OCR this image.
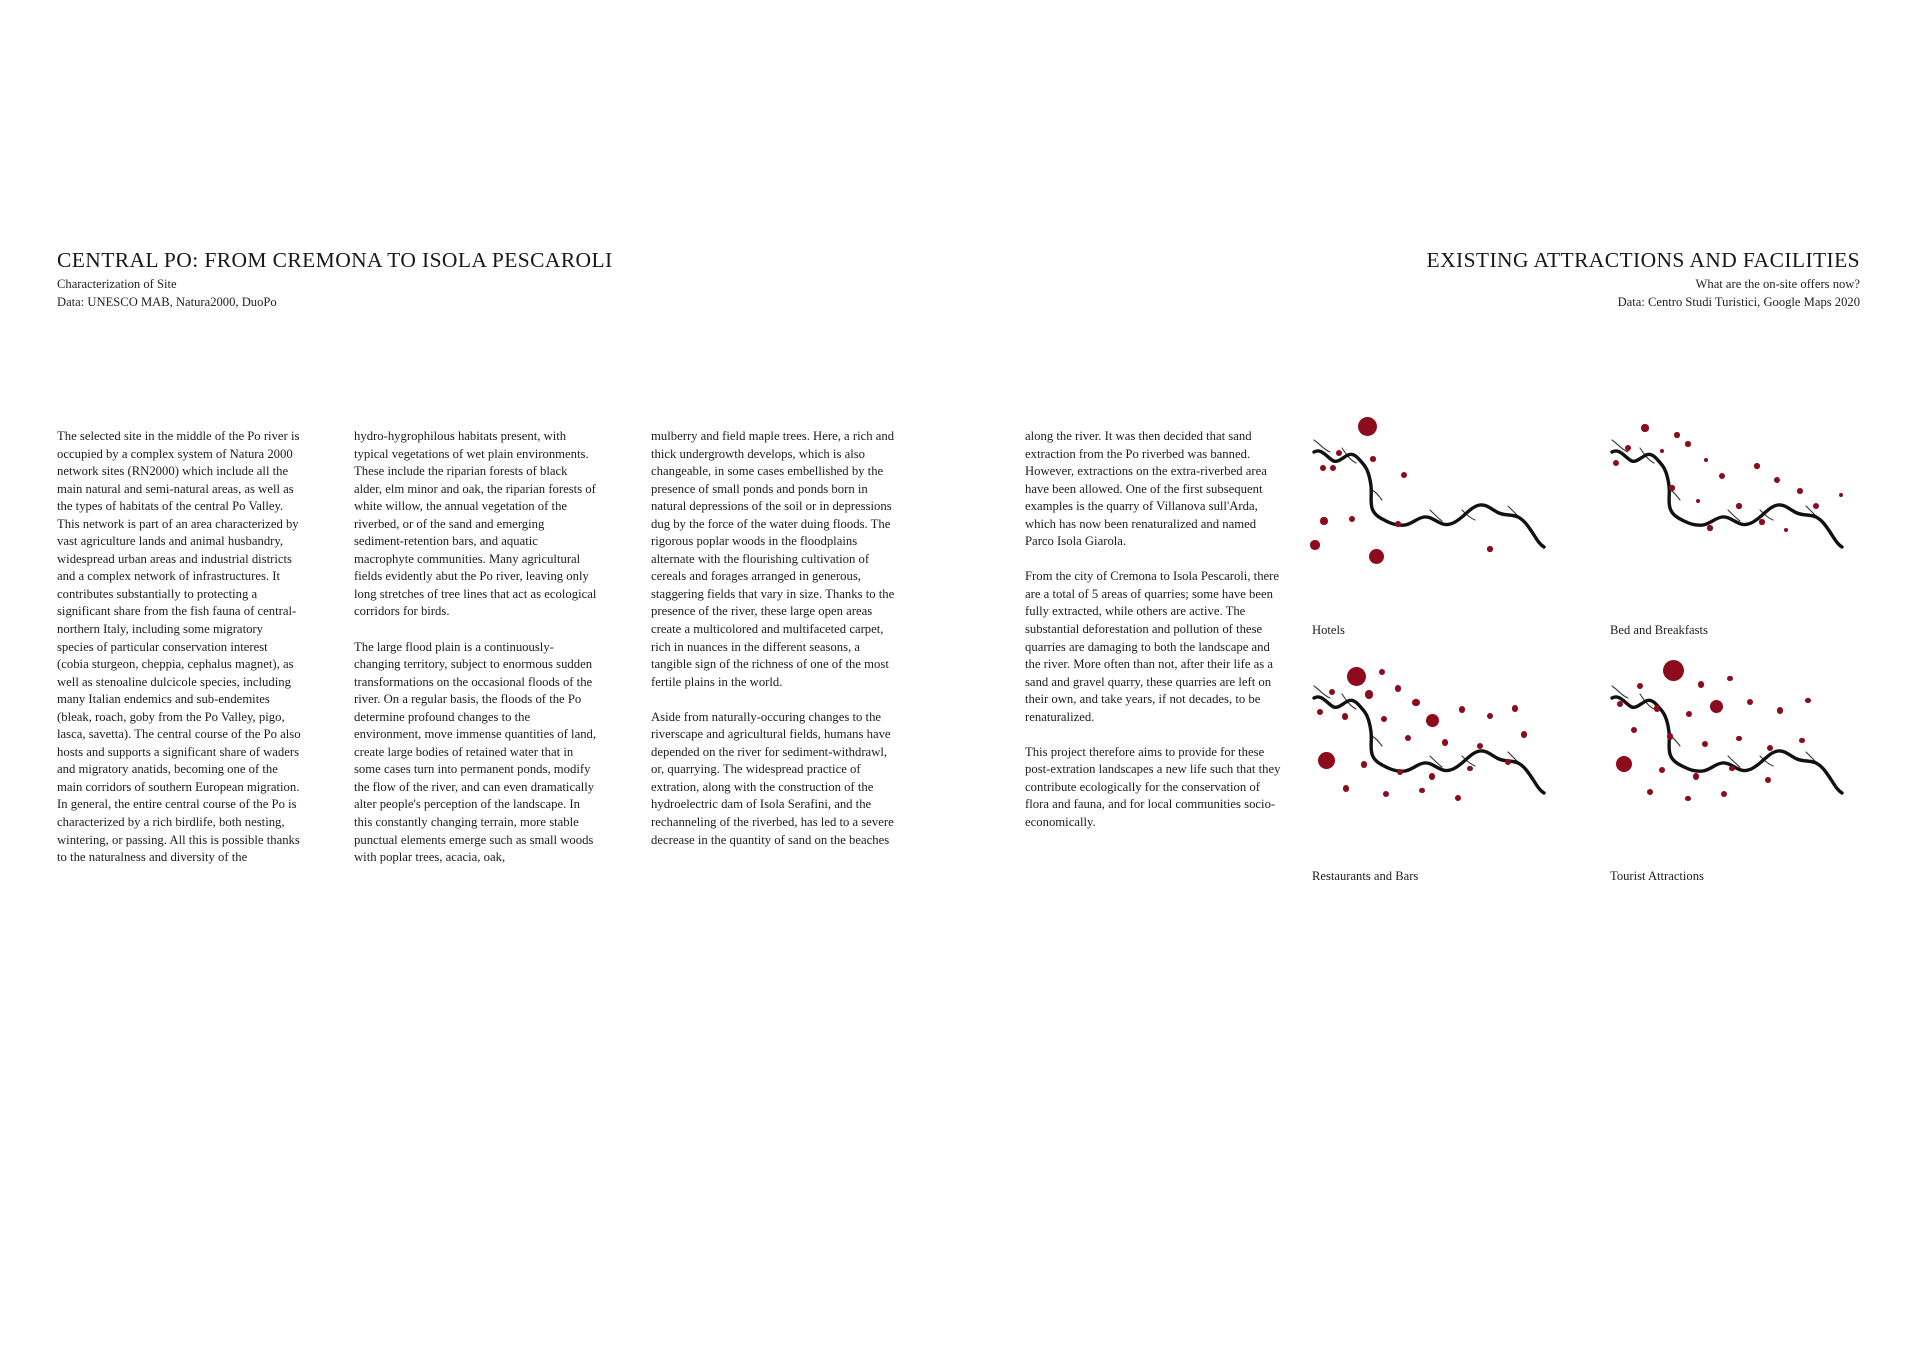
CENTRAL PO: FROM CREMONA TO ISOLA PESCAROLI
Characterization of Site
Data: UNESCO MAB, Natura2000, DuoPo
EXISTING ATTRACTIONS AND FACILITIES
What are the on-site offers now?
Data: Centro Studi Turistici, Google Maps 2020

The selected site in the middle of the Po river is occupied by a complex system of Natura 2000 network sites (RN2000) which include all the main natural and semi-natural areas, as well as the types of habitats of the central Po Valley. This network is part of an area characterized by vast agriculture lands and animal husbandry, widespread urban areas and industrial districts and a complex network of infrastructures. It contributes substantially to protecting a significant share from the fish fauna of central-northern Italy, including some migratory species of particular conservation interest (cobia sturgeon, cheppia, cephalus magnet), as well as stenoaline dulcicole species, including many Italian endemics and sub-endemites (bleak, roach, goby from the Po Valley, pigo, lasca, savetta). The central course of the Po also hosts and supports a significant share of waders and migratory anatids, becoming one of the main corridors of southern European migration. In general, the entire central course of the Po is characterized by a rich birdlife, both nesting, wintering, or passing. All this is possible thanks to the naturalness and diversity of the

hydro-hygrophilous habitats present, with typical vegetations of wet plain environments. These include the riparian forests of black alder, elm minor and oak, the riparian forests of white willow, the annual vegetation of the riverbed, or of the sand and emerging sediment-retention bars, and aquatic macrophyte communities. Many agricultural fields evidently abut the Po river, leaving only long stretches of tree lines that act as ecological corridors for birds.

The large flood plain is a continuously-changing territory, subject to enormous sudden transformations on the occasional floods of the river. On a regular basis, the floods of the Po determine profound changes to the environment, move immense quantities of land, create large bodies of retained water that in some cases turn into permanent ponds, modify the flow of the river, and can even dramatically alter people's perception of the landscape. In this constantly changing terrain, more stable punctual elements emerge such as small woods with poplar trees, acacia, oak,

mulberry and field maple trees. Here, a rich and thick undergrowth develops, which is also changeable, in some cases embellished by the presence of small ponds and ponds born in natural depressions of the soil or in depressions dug by the force of the water duing floods. The rigorous poplar woods in the floodplains alternate with the flourishing cultivation of cereals and forages arranged in generous, staggering fields that vary in size. Thanks to the presence of the river, these large open areas create a multicolored and multifaceted carpet, rich in nuances in the different seasons, a tangible sign of the richness of one of the most fertile plains in the world.

Aside from naturally-occuring changes to the riverscape and agricultural fields, humans have depended on the river for sediment-withdrawl, or, quarrying. The widespread practice of extration, along with the construction of the hydroelectric dam of Isola Serafini, and the rechanneling of the riverbed, has led to a severe decrease in the quantity of sand on the beaches

along the river. It was then decided that sand extraction from the Po riverbed was banned. However, extractions on the extra-riverbed area have been allowed. One of the first subsequent examples is the quarry of Villanova sull'Arda, which has now been renaturalized and named Parco Isola Giarola.

From the city of Cremona to Isola Pescaroli, there are a total of 5 areas of quarries; some have been fully extracted, while others are active. The substantial deforestation and pollution of these quarries are damaging to both the landscape and the river. More often than not, after their life as a sand and gravel quarry, these quarries are left on their own, and take years, if not decades, to be renaturalized.

This project therefore aims to provide for these post-extration landscapes a new life such that they contribute ecologically for the conservation of flora and fauna, and for local communities socio-economically.

Hotels	Bed and Breakfasts
Restaurants and Bars	Tourist Attractions
